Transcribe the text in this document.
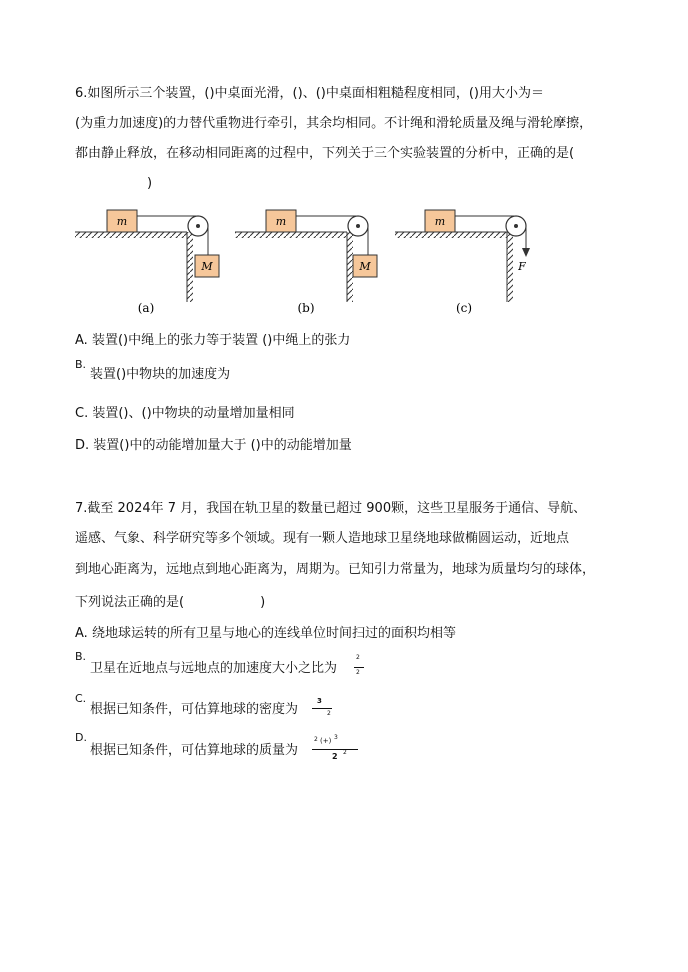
6.如图所示三个装置，()中桌面光滑，()、()中桌面相粗糙程度相同，()用大小为＝
(为重力加速度)的力替代重物进行牵引，其余均相同。不计绳和滑轮质量及绳与滑轮摩擦，
都由静止释放，在移动相同距离的过程中，下列关于三个实验装置的分析中，正确的是(
)
m
M
(a)
m
M
(b)
m
F
(c)
A. 装置()中绳上的张力等于装置 ()中绳上的张力
B.
装置()中物块的加速度为
C. 装置()、()中物块的动量增加量相同
D. 装置()中的动能增加量大于 ()中的动能增加量
7.截至 2024年 7 月，我国在轨卫星的数量已超过 900颗，这些卫星服务于通信、导航、
遥感、气象、科学研究等多个领域。现有一颗人造地球卫星绕地球做椭圆运动，近地点
到地心距离为，远地点到地心距离为，周期为。已知引力常量为，地球为质量均匀的球体，
下列说法正确的是(	)
A. 绕地球运转的所有卫星与地心的连线单位时间扫过的面积均相等
B.
卫星在近地点与远地点的加速度大小之比为
2
2
C.
根据已知条件，可估算地球的密度为
3
2
D.
根据已知条件，可估算地球的质量为
2 (+) 3
2 2
